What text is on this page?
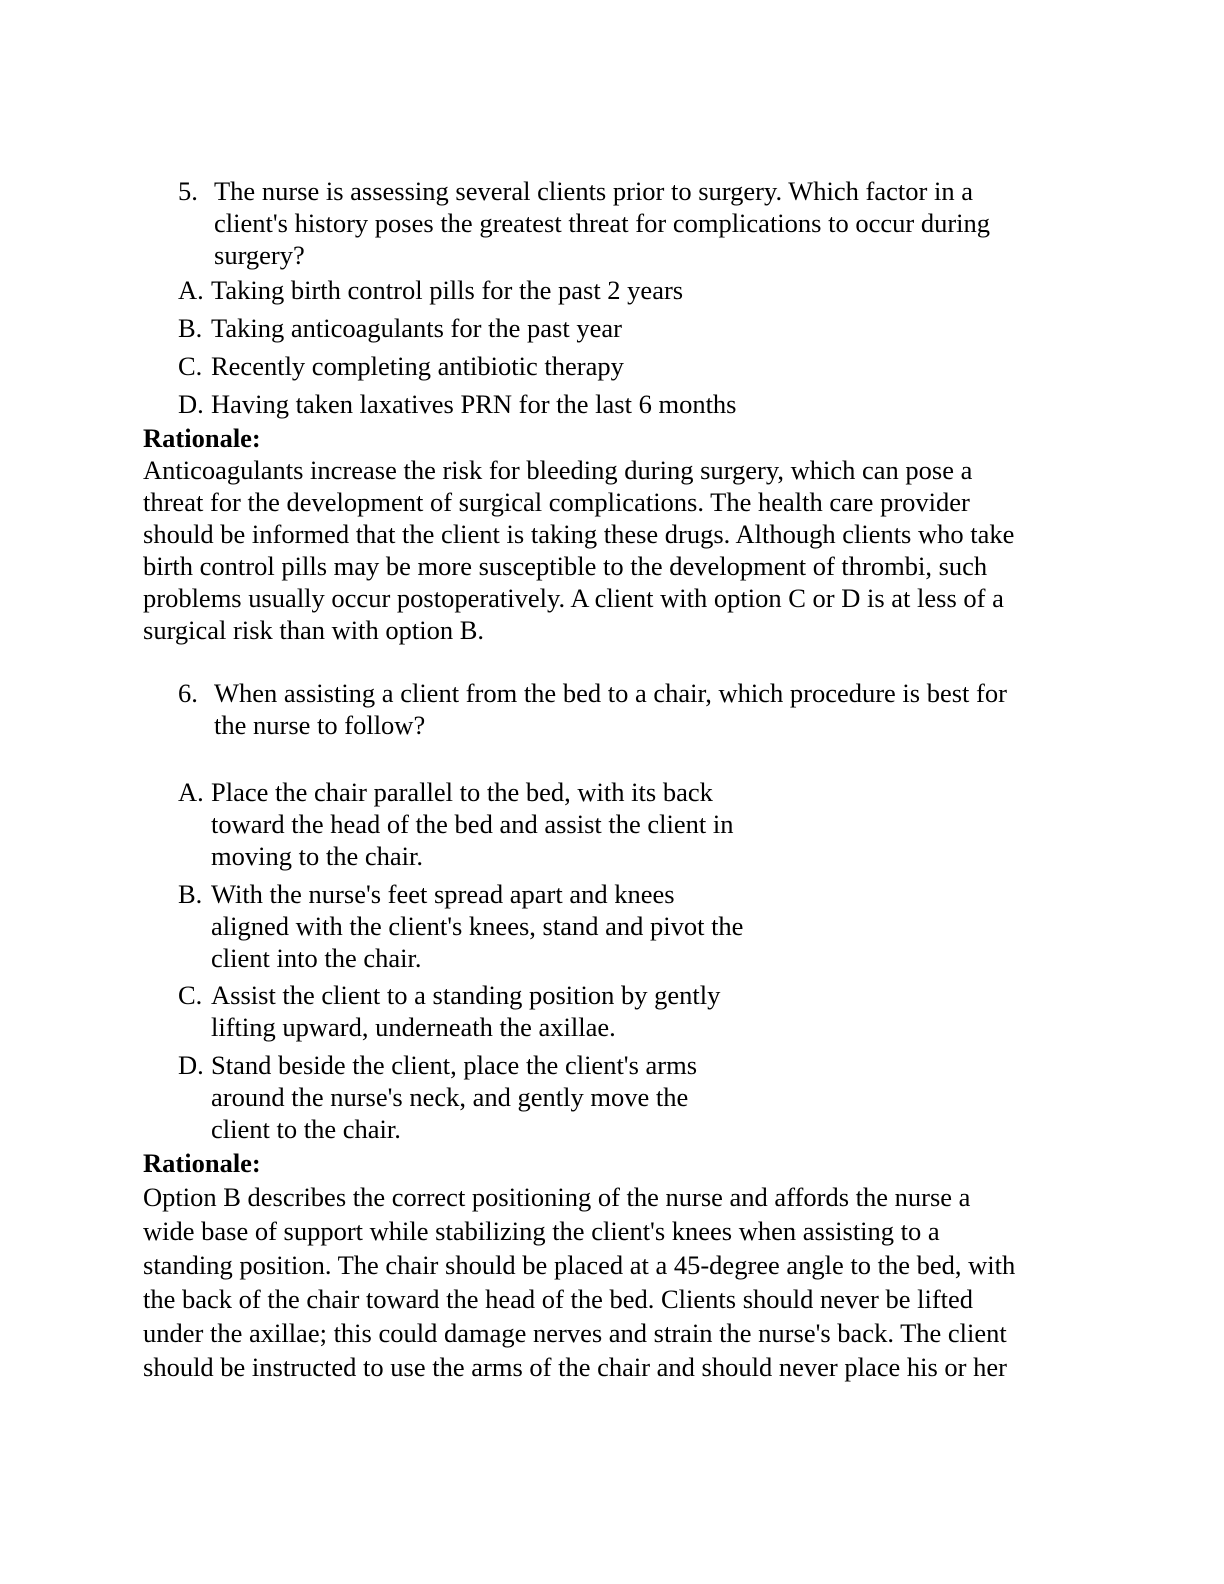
5. The nurse is assessing several clients prior to surgery. Which factor in a
client's history poses the greatest threat for complications to occur during
surgery?
A. Taking birth control pills for the past 2 years
B. Taking anticoagulants for the past year
C. Recently completing antibiotic therapy
D. Having taken laxatives PRN for the last 6 months
Rationale:
Anticoagulants increase the risk for bleeding during surgery, which can pose a
threat for the development of surgical complications. The health care provider
should be informed that the client is taking these drugs. Although clients who take
birth control pills may be more susceptible to the development of thrombi, such
problems usually occur postoperatively. A client with option C or D is at less of a
surgical risk than with option B.
6. When assisting a client from the bed to a chair, which procedure is best for
the nurse to follow?
A. Place the chair parallel to the bed, with its back
toward the head of the bed and assist the client in
moving to the chair.
B. With the nurse's feet spread apart and knees
aligned with the client's knees, stand and pivot the
client into the chair.
C. Assist the client to a standing position by gently
lifting upward, underneath the axillae.
D. Stand beside the client, place the client's arms
around the nurse's neck, and gently move the
client to the chair.
Rationale:
Option B describes the correct positioning of the nurse and affords the nurse a
wide base of support while stabilizing the client's knees when assisting to a
standing position. The chair should be placed at a 45-degree angle to the bed, with
the back of the chair toward the head of the bed. Clients should never be lifted
under the axillae; this could damage nerves and strain the nurse's back. The client
should be instructed to use the arms of the chair and should never place his or her
